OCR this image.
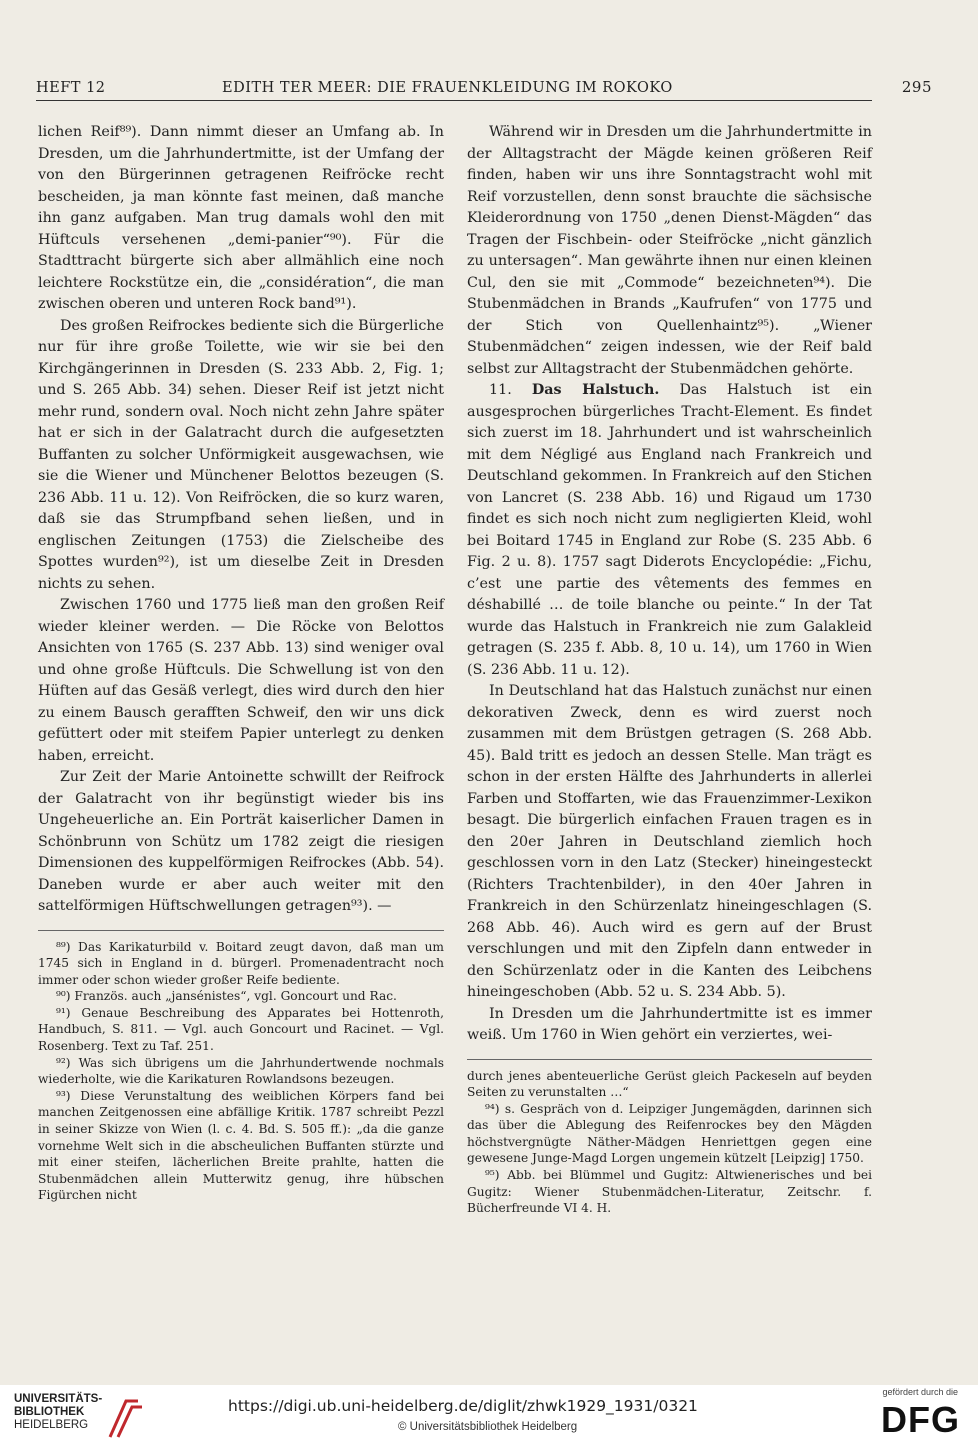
HEFT 12	EDITH TER MEER: DIE FRAUENKLEIDUNG IM ROKOKO	295

lichen Reif⁸⁹). Dann nimmt dieser an Umfang ab. In Dresden, um die Jahrhundertmitte, ist der Umfang der von den Bürgerinnen getragenen Reifröcke recht bescheiden, ja man könnte fast meinen, daß manche ihn ganz aufgaben. Man trug damals wohl den mit Hüftculs versehenen „demi-panier“⁹⁰). Für die Stadttracht bürgerte sich aber allmählich eine noch leichtere Rockstütze ein, die „considération“, die man zwischen oberen und unteren Rock band⁹¹).

Des großen Reifrockes bediente sich die Bürgerliche nur für ihre große Toilette, wie wir sie bei den Kirchgängerinnen in Dresden (S. 233 Abb. 2, Fig. 1; und S. 265 Abb. 34) sehen. Dieser Reif ist jetzt nicht mehr rund, sondern oval. Noch nicht zehn Jahre später hat er sich in der Galatracht durch die aufgesetzten Buffanten zu solcher Unförmigkeit ausgewachsen, wie sie die Wiener und Münchener Belottos bezeugen (S. 236 Abb. 11 u. 12). Von Reifröcken, die so kurz waren, daß sie das Strumpfband sehen ließen, und in englischen Zeitungen (1753) die Zielscheibe des Spottes wurden⁹²), ist um dieselbe Zeit in Dresden nichts zu sehen.

Zwischen 1760 und 1775 ließ man den großen Reif wieder kleiner werden. — Die Röcke von Belottos Ansichten von 1765 (S. 237 Abb. 13) sind weniger oval und ohne große Hüftculs. Die Schwellung ist von den Hüften auf das Gesäß verlegt, dies wird durch den hier zu einem Bausch gerafften Schweif, den wir uns dick gefüttert oder mit steifem Papier unterlegt zu denken haben, erreicht.

Zur Zeit der Marie Antoinette schwillt der Reifrock der Galatracht von ihr begünstigt wieder bis ins Ungeheuerliche an. Ein Porträt kaiserlicher Damen in Schönbrunn von Schütz um 1782 zeigt die riesigen Dimensionen des kuppelförmigen Reifrockes (Abb. 54). Daneben wurde er aber auch weiter mit den sattelförmigen Hüftschwellungen getragen⁹³). —

⁸⁹) Das Karikaturbild v. Boitard zeugt davon, daß man um 1745 sich in England in d. bürgerl. Promenadentracht noch immer oder schon wieder großer Reife bediente.

⁹⁰) Französ. auch „jansénistes“, vgl. Goncourt und Rac.

⁹¹) Genaue Beschreibung des Apparates bei Hottenroth, Handbuch, S. 811. — Vgl. auch Goncourt und Racinet. — Vgl. Rosenberg. Text zu Taf. 251.

⁹²) Was sich übrigens um die Jahrhundertwende nochmals wiederholte, wie die Karikaturen Rowlandsons bezeugen.

⁹³) Diese Verunstaltung des weiblichen Körpers fand bei manchen Zeitgenossen eine abfällige Kritik. 1787 schreibt Pezzl in seiner Skizze von Wien (l. c. 4. Bd. S. 505 ff.): „da die ganze vornehme Welt sich in die abscheulichen Buffanten stürzte und mit einer steifen, lächerlichen Breite prahlte, hatten die Stubenmädchen allein Mutterwitz genug, ihre hübschen Figürchen nicht

Während wir in Dresden um die Jahrhundertmitte in der Alltagstracht der Mägde keinen größeren Reif finden, haben wir uns ihre Sonntagstracht wohl mit Reif vorzustellen, denn sonst brauchte die sächsische Kleiderordnung von 1750 „denen Dienst-Mägden“ das Tragen der Fischbein- oder Steifröcke „nicht gänzlich zu untersagen“. Man gewährte ihnen nur einen kleinen Cul, den sie mit „Commode“ bezeichneten⁹⁴). Die Stubenmädchen in Brands „Kaufrufen“ von 1775 und der Stich von Quellenhaintz⁹⁵). „Wiener Stubenmädchen“ zeigen indessen, wie der Reif bald selbst zur Alltagstracht der Stubenmädchen gehörte.

11. Das Halstuch. Das Halstuch ist ein ausgesprochen bürgerliches Tracht-Element. Es findet sich zuerst im 18. Jahrhundert und ist wahrscheinlich mit dem Négligé aus England nach Frankreich und Deutschland gekommen. In Frankreich auf den Stichen von Lancret (S. 238 Abb. 16) und Rigaud um 1730 findet es sich noch nicht zum negligierten Kleid, wohl bei Boitard 1745 in England zur Robe (S. 235 Abb. 6 Fig. 2 u. 8). 1757 sagt Diderots Encyclopédie: „Fichu, c’est une partie des vêtements des femmes en déshabillé … de toile blanche ou peinte.“ In der Tat wurde das Halstuch in Frankreich nie zum Galakleid getragen (S. 235 f. Abb. 8, 10 u. 14), um 1760 in Wien (S. 236 Abb. 11 u. 12).

In Deutschland hat das Halstuch zunächst nur einen dekorativen Zweck, denn es wird zuerst noch zusammen mit dem Brüstgen getragen (S. 268 Abb. 45). Bald tritt es jedoch an dessen Stelle. Man trägt es schon in der ersten Hälfte des Jahrhunderts in allerlei Farben und Stoffarten, wie das Frauenzimmer-Lexikon besagt. Die bürgerlich einfachen Frauen tragen es in den 20er Jahren in Deutschland ziemlich hoch geschlossen vorn in den Latz (Stecker) hineingesteckt (Richters Trachtenbilder), in den 40er Jahren in Frankreich in den Schürzenlatz hineingeschlagen (S. 268 Abb. 46). Auch wird es gern auf der Brust verschlungen und mit den Zipfeln dann entweder in den Schürzenlatz oder in die Kanten des Leibchens hineingeschoben (Abb. 52 u. S. 234 Abb. 5).

In Dresden um die Jahrhundertmitte ist es immer weiß. Um 1760 in Wien gehört ein verziertes, wei-

durch jenes abenteuerliche Gerüst gleich Packeseln auf beyden Seiten zu verunstalten …“

⁹⁴) s. Gespräch von d. Leipziger Jungemägden, darinnen sich das über die Ablegung des Reifenrockes bey den Mägden höchstvergnügte Näther-Mädgen Henriettgen gegen eine gewesene Junge-Magd Lorgen ungemein kützelt [Leipzig] 1750.

⁹⁵) Abb. bei Blümmel und Gugitz: Altwienerisches und bei Gugitz: Wiener Stubenmädchen-Literatur, Zeitschr. f. Bücherfreunde VI 4. H.

UNIVERSITÄTS-
BIBLIOTHEK
HEIDELBERG
https://digi.ub.uni-heidelberg.de/diglit/zhwk1929_1931/0321
© Universitätsbibliothek Heidelberg
gefördert durch die
DFG
